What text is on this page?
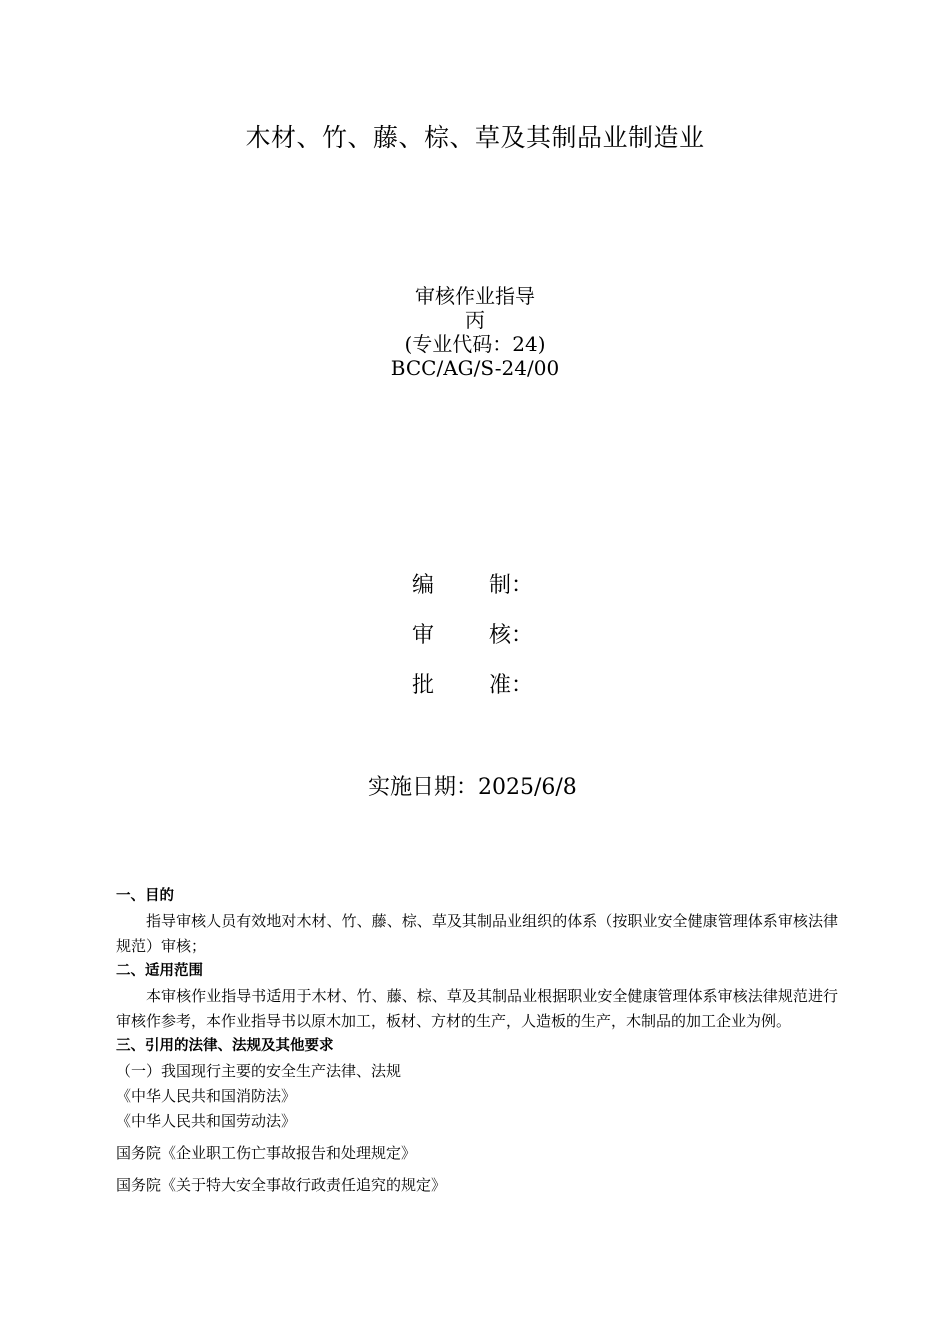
木材、竹、藤、棕、草及其制品业制造业
审核作业指导
丙
(专业代码：24)
BCC/AG/S-24/00
编 制：
审 核：
批 准：
实施日期：2025/6/8
一、目的

指导审核人员有效地对木材、竹、藤、棕、草及其制品业组织的体系（按职业安全健康管理体系审核法律规范）审核；

二、适用范围

本审核作业指导书适用于木材、竹、藤、棕、草及其制品业根据职业安全健康管理体系审核法律规范进行审核作参考，本作业指导书以原木加工，板材、方材的生产，人造板的生产，木制品的加工企业为例。

三、引用的法律、法规及其他要求
（一）我国现行主要的安全生产法律、法规
《中华人民共和国消防法》
《中华人民共和国劳动法》
国务院《企业职工伤亡事故报告和处理规定》
国务院《关于特大安全事故行政责任追究的规定》
